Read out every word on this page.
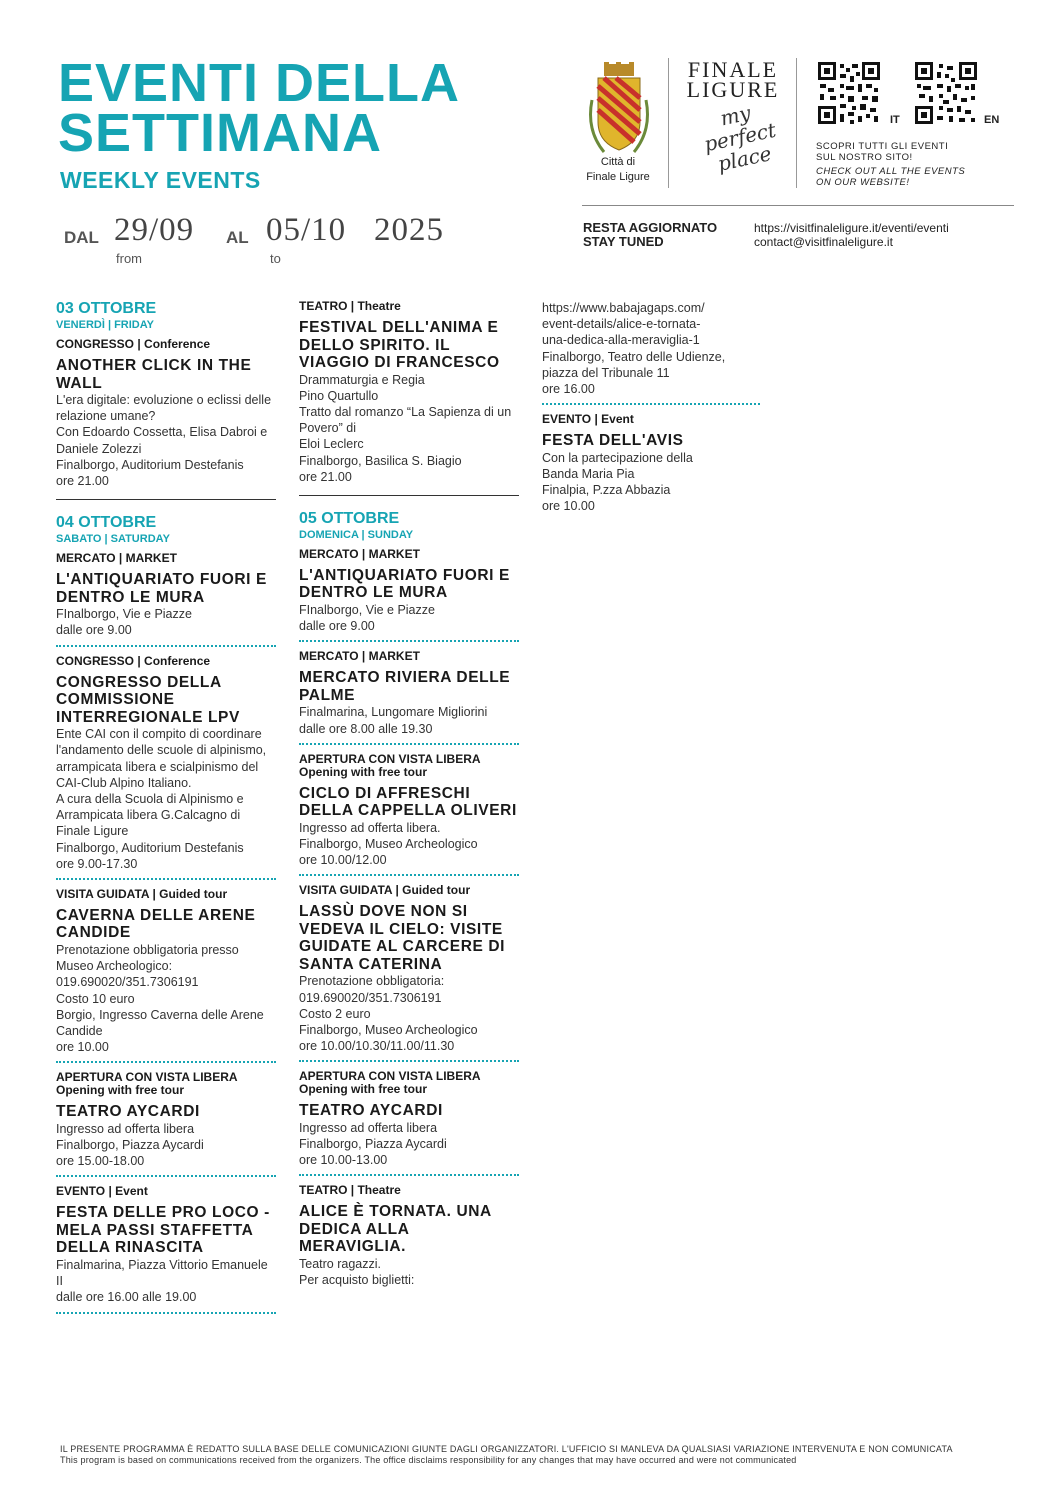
EVENTI DELLA SETTIMANA
WEEKLY EVENTS
DAL 29/09
from
AL 05/10
to
2025
Città di
Finale Ligure
FINALE
LIGURE
my
perfect
place
IT	EN
SCOPRI TUTTI GLI EVENTI
SUL NOSTRO SITO!
CHECK OUT ALL THE EVENTS
ON OUR WEBSITE!
RESTA AGGIORNATO
STAY TUNED
https://visitfinaleligure.it/eventi/eventi
contact@visitfinaleligure.it
03 OTTOBRE
VENERDÌ | FRIDAY
CONGRESSO | Conference
ANOTHER CLICK IN THE WALL
L'era digitale: evoluzione o eclissi delle relazione umane?
Con Edoardo Cossetta, Elisa Dabroi e Daniele Zolezzi
Finalborgo, Auditorium Destefanis
ore 21.00
04 OTTOBRE
SABATO | SATURDAY
MERCATO | MARKET
L'ANTIQUARIATO FUORI E DENTRO LE MURA
FInalborgo, Vie e Piazze
dalle ore 9.00
CONGRESSO | Conference
CONGRESSO DELLA COMMISSIONE INTERREGIONALE LPV
Ente CAI con il compito di coordinare l'andamento delle scuole di alpinismo, arrampicata libera e scialpinismo del CAI-Club Alpino Italiano.
A cura della Scuola di Alpinismo e Arrampicata libera G.Calcagno di Finale Ligure
Finalborgo, Auditorium Destefanis
ore 9.00-17.30
VISITA GUIDATA | Guided tour
CAVERNA DELLE ARENE CANDIDE
Prenotazione obbligatoria presso Museo Archeologico: 019.690020/351.7306191
Costo 10 euro
Borgio, Ingresso Caverna delle Arene Candide
ore 10.00
APERTURA CON VISTA LIBERA
Opening with free tour
TEATRO AYCARDI
Ingresso ad offerta libera
Finalborgo, Piazza Aycardi
ore 15.00-18.00
EVENTO | Event
FESTA DELLE PRO LOCO - MELA PASSI STAFFETTA DELLA RINASCITA
Finalmarina, Piazza Vittorio Emanuele II
dalle ore 16.00 alle 19.00
TEATRO | Theatre
FESTIVAL DELL'ANIMA E DELLO SPIRITO. IL VIAGGIO DI FRANCESCO
Drammaturgia e Regia
Pino Quartullo
Tratto dal romanzo “La Sapienza di un Povero” di
Eloi Leclerc
Finalborgo, Basilica S. Biagio
ore 21.00
05 OTTOBRE
DOMENICA | SUNDAY
MERCATO | MARKET
L'ANTIQUARIATO FUORI E DENTRO LE MURA
FInalborgo, Vie e Piazze
dalle ore 9.00
MERCATO | MARKET
MERCATO RIVIERA DELLE PALME
Finalmarina, Lungomare Migliorini
dalle ore 8.00 alle 19.30
APERTURA CON VISTA LIBERA
Opening with free tour
CICLO DI AFFRESCHI DELLA CAPPELLA OLIVERI
Ingresso ad offerta libera.
Finalborgo, Museo Archeologico
ore 10.00/12.00
VISITA GUIDATA | Guided tour
LASSÙ DOVE NON SI VEDEVA IL CIELO: VISITE GUIDATE AL CARCERE DI SANTA CATERINA
Prenotazione obbligatoria:
019.690020/351.7306191
Costo 2 euro
Finalborgo, Museo Archeologico
ore 10.00/10.30/11.00/11.30
APERTURA CON VISTA LIBERA
Opening with free tour
TEATRO AYCARDI
Ingresso ad offerta libera
Finalborgo, Piazza Aycardi
ore 10.00-13.00
TEATRO | Theatre
ALICE È TORNATA. UNA DEDICA ALLA MERAVIGLIA.
Teatro ragazzi.
Per acquisto biglietti:
https://www.babajagaps.com/
event-details/alice-e-tornata-
una-dedica-alla-meraviglia-1
Finalborgo, Teatro delle Udienze,
piazza del Tribunale 11
ore 16.00
EVENTO | Event
FESTA DELL'AVIS
Con la partecipazione della
Banda Maria Pia
Finalpia, P.zza Abbazia
ore 10.00
IL PRESENTE PROGRAMMA È REDATTO SULLA BASE DELLE COMUNICAZIONI GIUNTE DAGLI ORGANIZZATORI. L'UFFICIO SI MANLEVA DA QUALSIASI VARIAZIONE INTERVENUTA E NON COMUNICATA
This program is based on communications received from the organizers. The office disclaims responsibility for any changes that may have occurred and were not communicated
